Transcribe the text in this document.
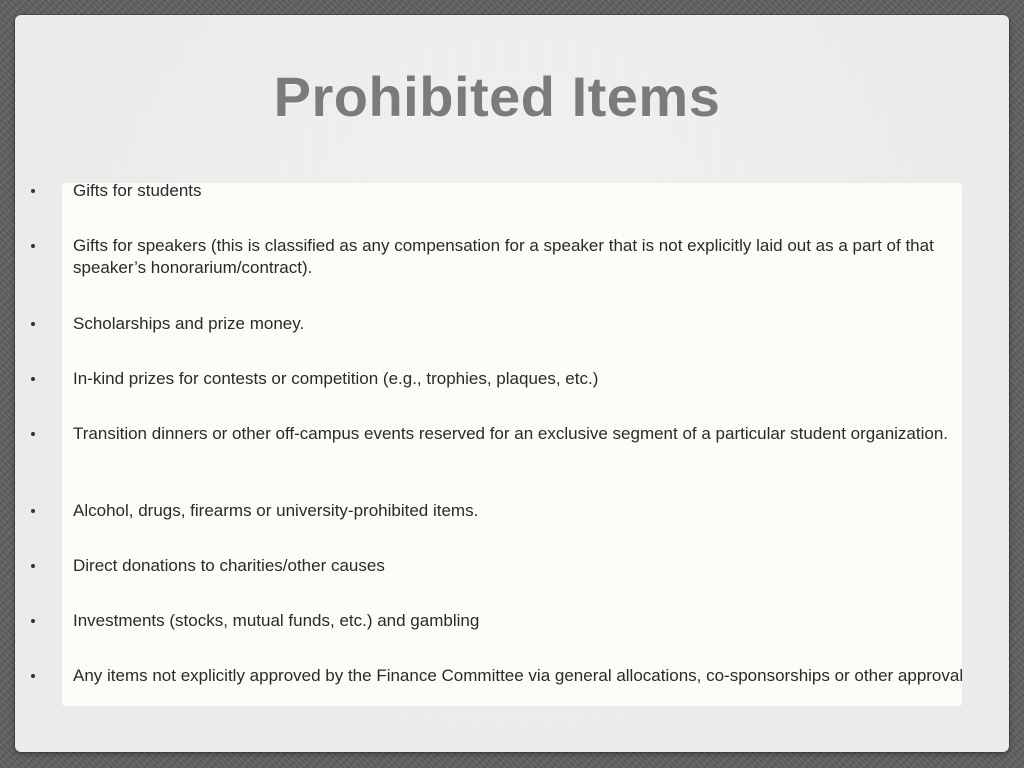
Prohibited Items
Gifts for students
Gifts for speakers (this is classified as any compensation for a speaker that is not explicitly laid out as a part of that speaker’s honorarium/contract).
Scholarships and prize money.
In-kind prizes for contests or competition (e.g., trophies, plaques, etc.)
Transition dinners or other off-campus events reserved for an exclusive segment of a particular student organization.
Alcohol, drugs, firearms or university-prohibited items.
Direct donations to charities/other causes
Investments (stocks, mutual funds, etc.) and gambling
Any items not explicitly approved by the Finance Committee via general allocations, co-sponsorships or other approval
